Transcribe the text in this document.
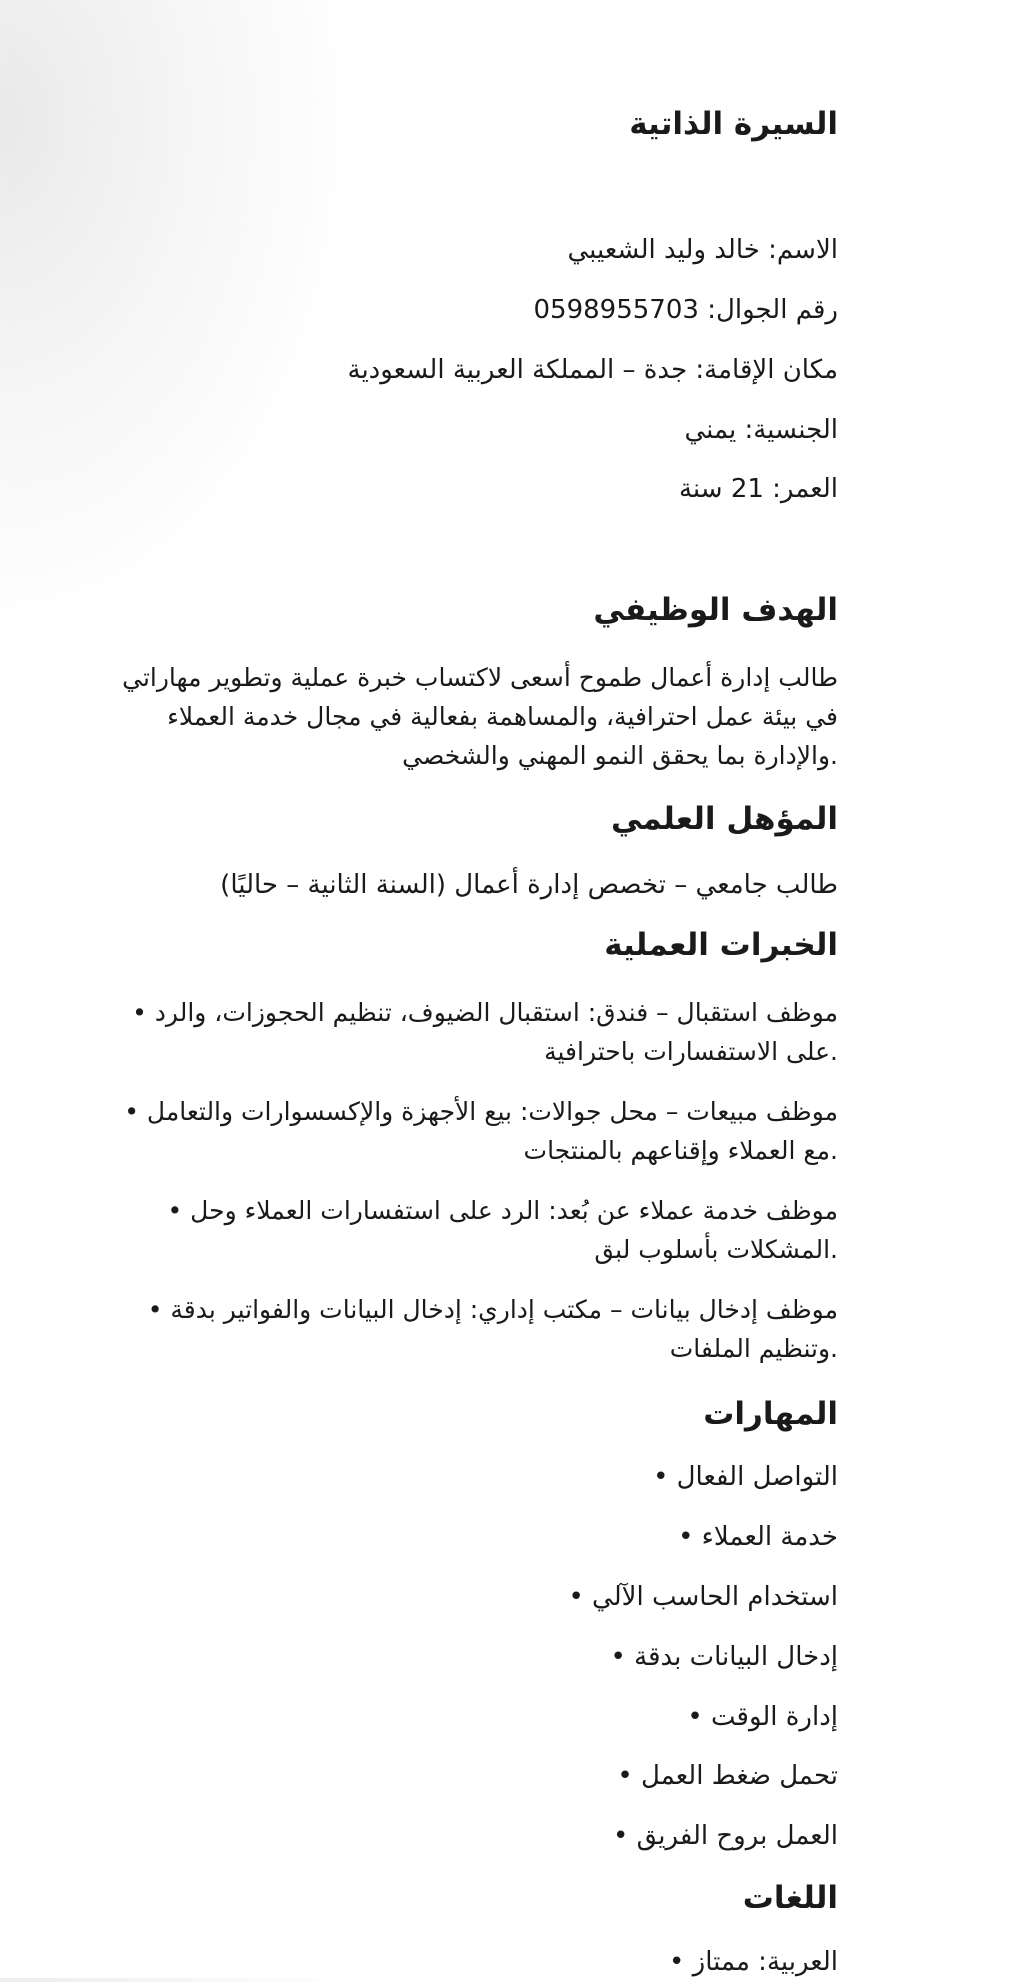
السيرة الذاتية
الاسم: خالد وليد الشعيبي
رقم الجوال: 0598955703
مكان الإقامة: جدة – المملكة العربية السعودية
الجنسية: يمني
العمر: 21 سنة
الهدف الوظيفي
طالب إدارة أعمال طموح أسعى لاكتساب خبرة عملية وتطوير مهاراتي
في بيئة عمل احترافية، والمساهمة بفعالية في مجال خدمة العملاء
.والإدارة بما يحقق النمو المهني والشخصي
المؤهل العلمي
طالب جامعي – تخصص إدارة أعمال (السنة الثانية – حاليًا)
الخبرات العملية
موظف استقبال – فندق: استقبال الضيوف، تنظيم الحجوزات، والرد •
.على الاستفسارات باحترافية
موظف مبيعات – محل جوالات: بيع الأجهزة والإكسسوارات والتعامل •
.مع العملاء وإقناعهم بالمنتجات
موظف خدمة عملاء عن بُعد: الرد على استفسارات العملاء وحل •
.المشكلات بأسلوب لبق
موظف إدخال بيانات – مكتب إداري: إدخال البيانات والفواتير بدقة •
.وتنظيم الملفات
المهارات
التواصل الفعال •
خدمة العملاء •
استخدام الحاسب الآلي •
إدخال البيانات بدقة •
إدارة الوقت •
تحمل ضغط العمل •
العمل بروح الفريق •
اللغات
العربية: ممتاز •
